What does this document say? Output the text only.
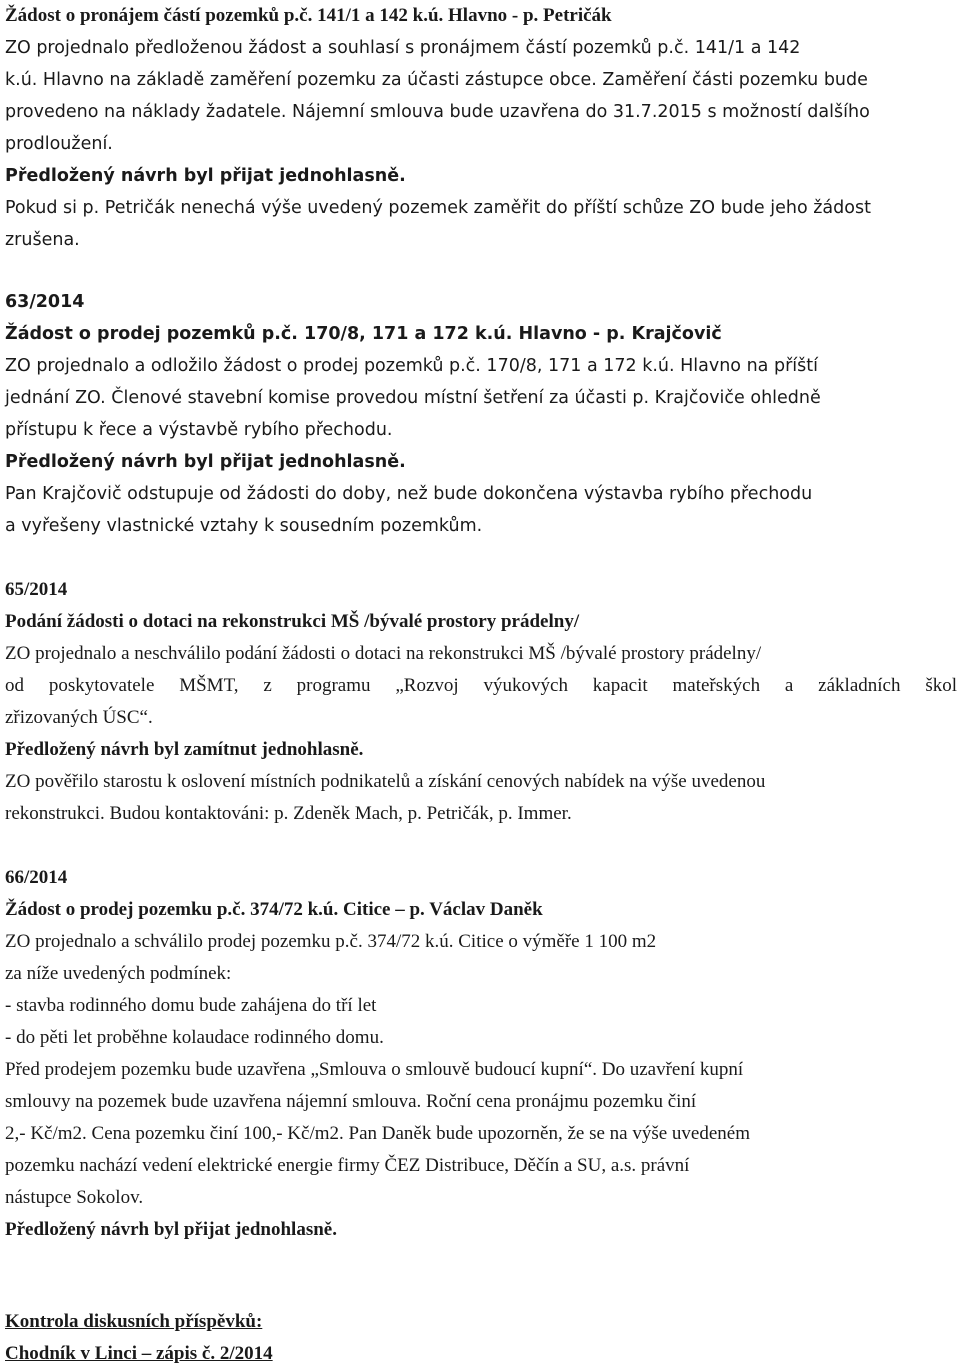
Žádost o pronájem částí pozemků p.č. 141/1 a 142 k.ú. Hlavno - p. Petričák
ZO projednalo předloženou žádost a souhlasí s pronájmem částí pozemků p.č. 141/1 a 142
k.ú. Hlavno na základě zaměření pozemku za účasti zástupce obce. Zaměření části pozemku bude
provedeno na náklady žadatele. Nájemní smlouva bude uzavřena do 31.7.2015 s možností dalšího
prodloužení.
Předložený návrh byl přijat jednohlasně.
Pokud si p. Petričák nenechá výše uvedený pozemek zaměřit do příští schůze ZO bude jeho žádost
zrušena.
63/2014
Žádost o prodej pozemků p.č. 170/8, 171 a 172 k.ú. Hlavno - p. Krajčovič
ZO projednalo a odložilo žádost o prodej pozemků p.č. 170/8, 171 a 172 k.ú. Hlavno na příští
jednání ZO. Členové stavební komise provedou místní šetření za účasti p. Krajčoviče ohledně
přístupu k řece a výstavbě rybího přechodu.
Předložený návrh byl přijat jednohlasně.
Pan Krajčovič odstupuje od žádosti do doby, než bude dokončena výstavba rybího přechodu
a vyřešeny vlastnické vztahy k sousedním pozemkům.
65/2014
Podání žádosti o dotaci na rekonstrukci MŠ /bývalé prostory prádelny/
ZO projednalo a neschválilo podání žádosti o dotaci na rekonstrukci MŠ /bývalé prostory prádelny/
od poskytovatele MŠMT, z programu „Rozvoj výukových kapacit mateřských a základních škol
zřizovaných ÚSC“.
Předložený návrh byl zamítnut jednohlasně.
ZO pověřilo starostu k oslovení místních podnikatelů a získání cenových nabídek na výše uvedenou
rekonstrukci. Budou kontaktováni: p. Zdeněk Mach, p. Petričák, p. Immer.
66/2014
Žádost o prodej pozemku p.č. 374/72 k.ú. Citice – p. Václav Daněk
ZO projednalo a schválilo prodej pozemku p.č. 374/72 k.ú. Citice o výměře 1 100 m2
za níže uvedených podmínek:
- stavba rodinného domu bude zahájena do tří let
- do pěti let proběhne kolaudace rodinného domu.
Před prodejem pozemku bude uzavřena „Smlouva o smlouvě budoucí kupní“. Do uzavření kupní
smlouvy na pozemek bude uzavřena nájemní smlouva. Roční cena pronájmu pozemku činí
2,- Kč/m2. Cena pozemku činí 100,- Kč/m2. Pan Daněk bude upozorněn, že se na výše uvedeném
pozemku nachází vedení elektrické energie firmy ČEZ Distribuce, Děčín a SU, a.s. právní
nástupce Sokolov.
Předložený návrh byl přijat jednohlasně.
Kontrola diskusních příspěvků:
Chodník v Linci – zápis č. 2/2014
